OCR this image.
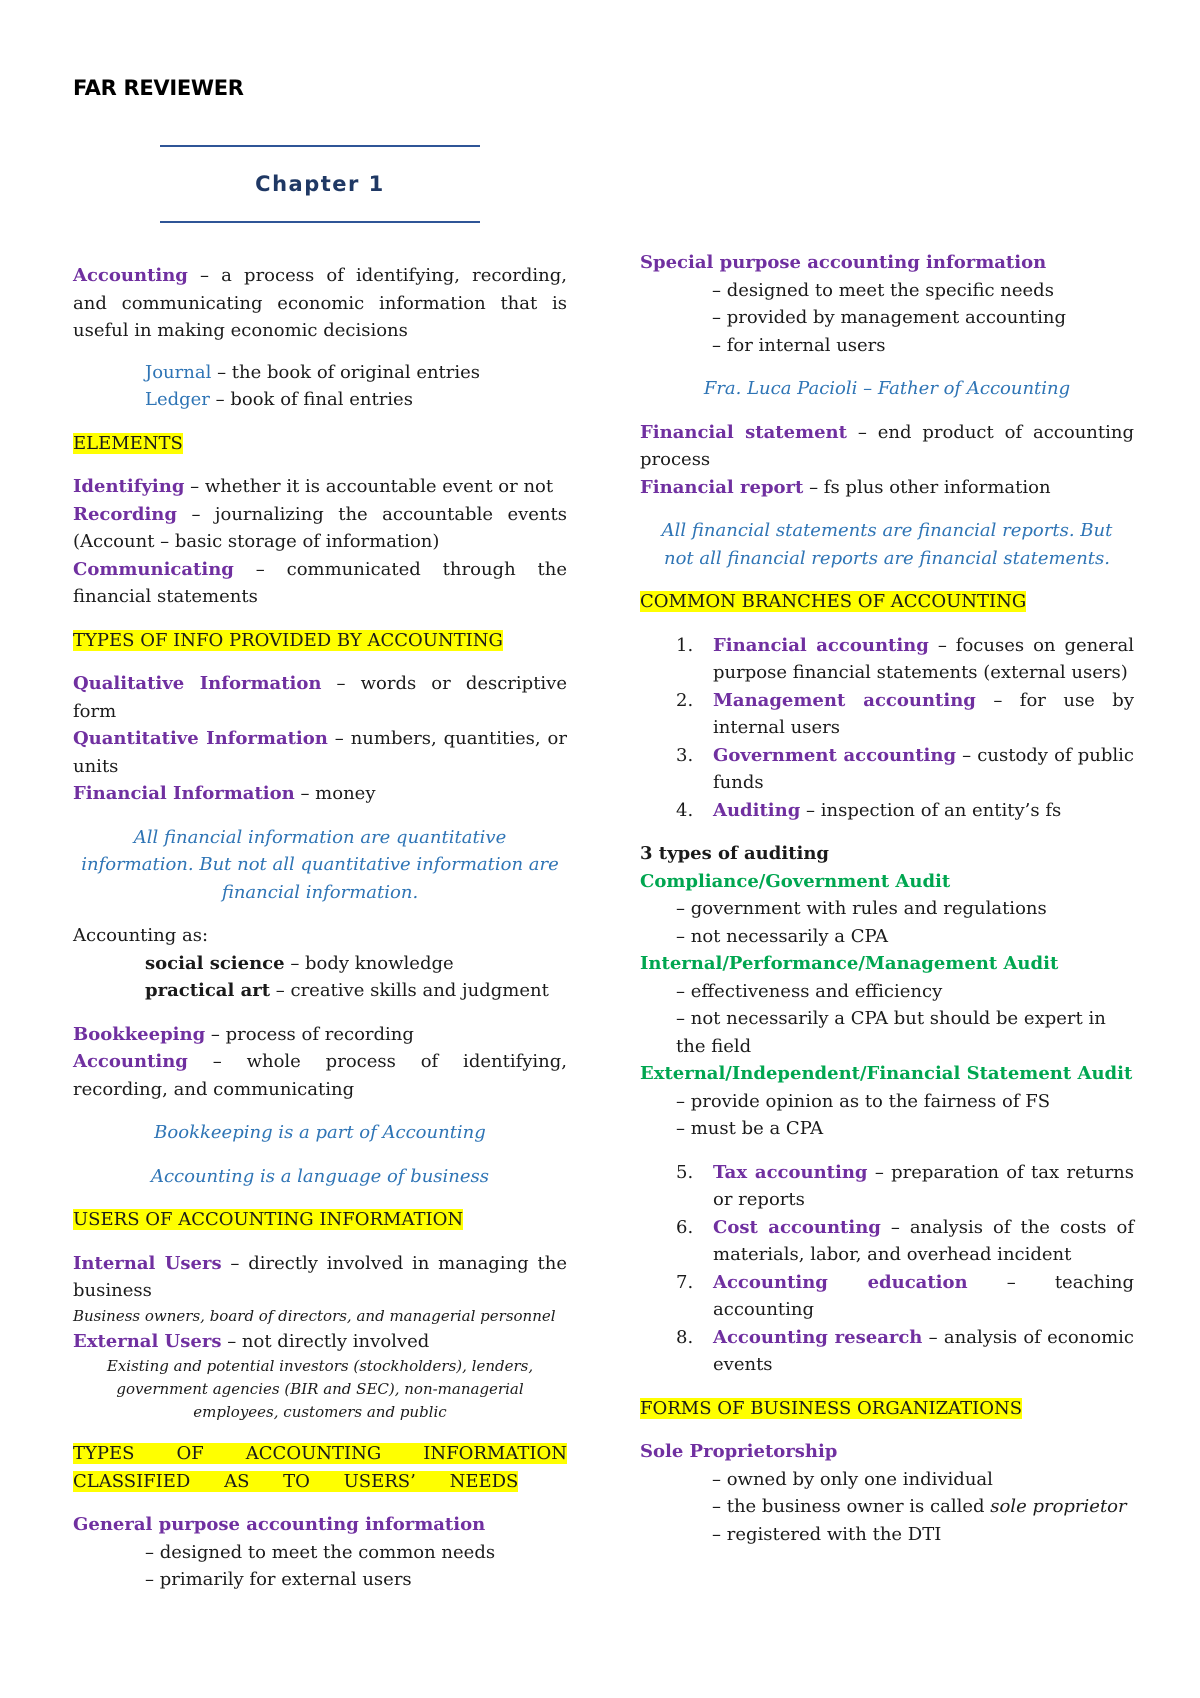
FAR REVIEWER
Chapter 1

Accounting – a process of identifying, recording, and communicating economic information that is useful in making economic decisions

Journal – the book of original entries

Ledger – book of final entries

ELEMENTS

Identifying – whether it is accountable event or not

Recording – journalizing the accountable events (Account – basic storage of information)

Communicating – communicated through the financial statements

TYPES OF INFO PROVIDED BY ACCOUNTING

Qualitative Information – words or descriptive form

Quantitative Information – numbers, quantities, or units

Financial Information – money

All financial information are quantitative information. But not all quantitative information are financial information.

Accounting as:

social science – body knowledge

practical art – creative skills and judgment

Bookkeeping – process of recording

Accounting – whole process of identifying, recording, and communicating

Bookkeeping is a part of Accounting

Accounting is a language of business

USERS OF ACCOUNTING INFORMATION

Internal Users – directly involved in managing the business

Business owners, board of directors, and managerial personnel

External Users – not directly involved

Existing and potential investors (stockholders), lenders, government agencies (BIR and SEC), non-managerial employees, customers and public

TYPES OF ACCOUNTING INFORMATION CLASSIFIED AS TO USERS’ NEEDS

General purpose accounting information

– designed to meet the common needs

– primarily for external users

Special purpose accounting information

– designed to meet the specific needs

– provided by management accounting

– for internal users

Fra. Luca Pacioli – Father of Accounting

Financial statement – end product of accounting process

Financial report – fs plus other information

All financial statements are financial reports. But not all financial reports are financial statements.

COMMON BRANCHES OF ACCOUNTING

1. Financial accounting – focuses on general purpose financial statements (external users)
2. Management accounting – for use by internal users
3. Government accounting – custody of public funds
4. Auditing – inspection of an entity’s fs

3 types of auditing

Compliance/Government Audit

– government with rules and regulations

– not necessarily a CPA

Internal/Performance/Management Audit

– effectiveness and efficiency

– not necessarily a CPA but should be expert in the field

External/Independent/Financial Statement Audit

– provide opinion as to the fairness of FS

– must be a CPA

5. Tax accounting – preparation of tax returns or reports
6. Cost accounting – analysis of the costs of materials, labor, and overhead incident
7. Accounting education – teaching accounting
8. Accounting research – analysis of economic events

FORMS OF BUSINESS ORGANIZATIONS

Sole Proprietorship

– owned by only one individual

– the business owner is called sole proprietor

– registered with the DTI
